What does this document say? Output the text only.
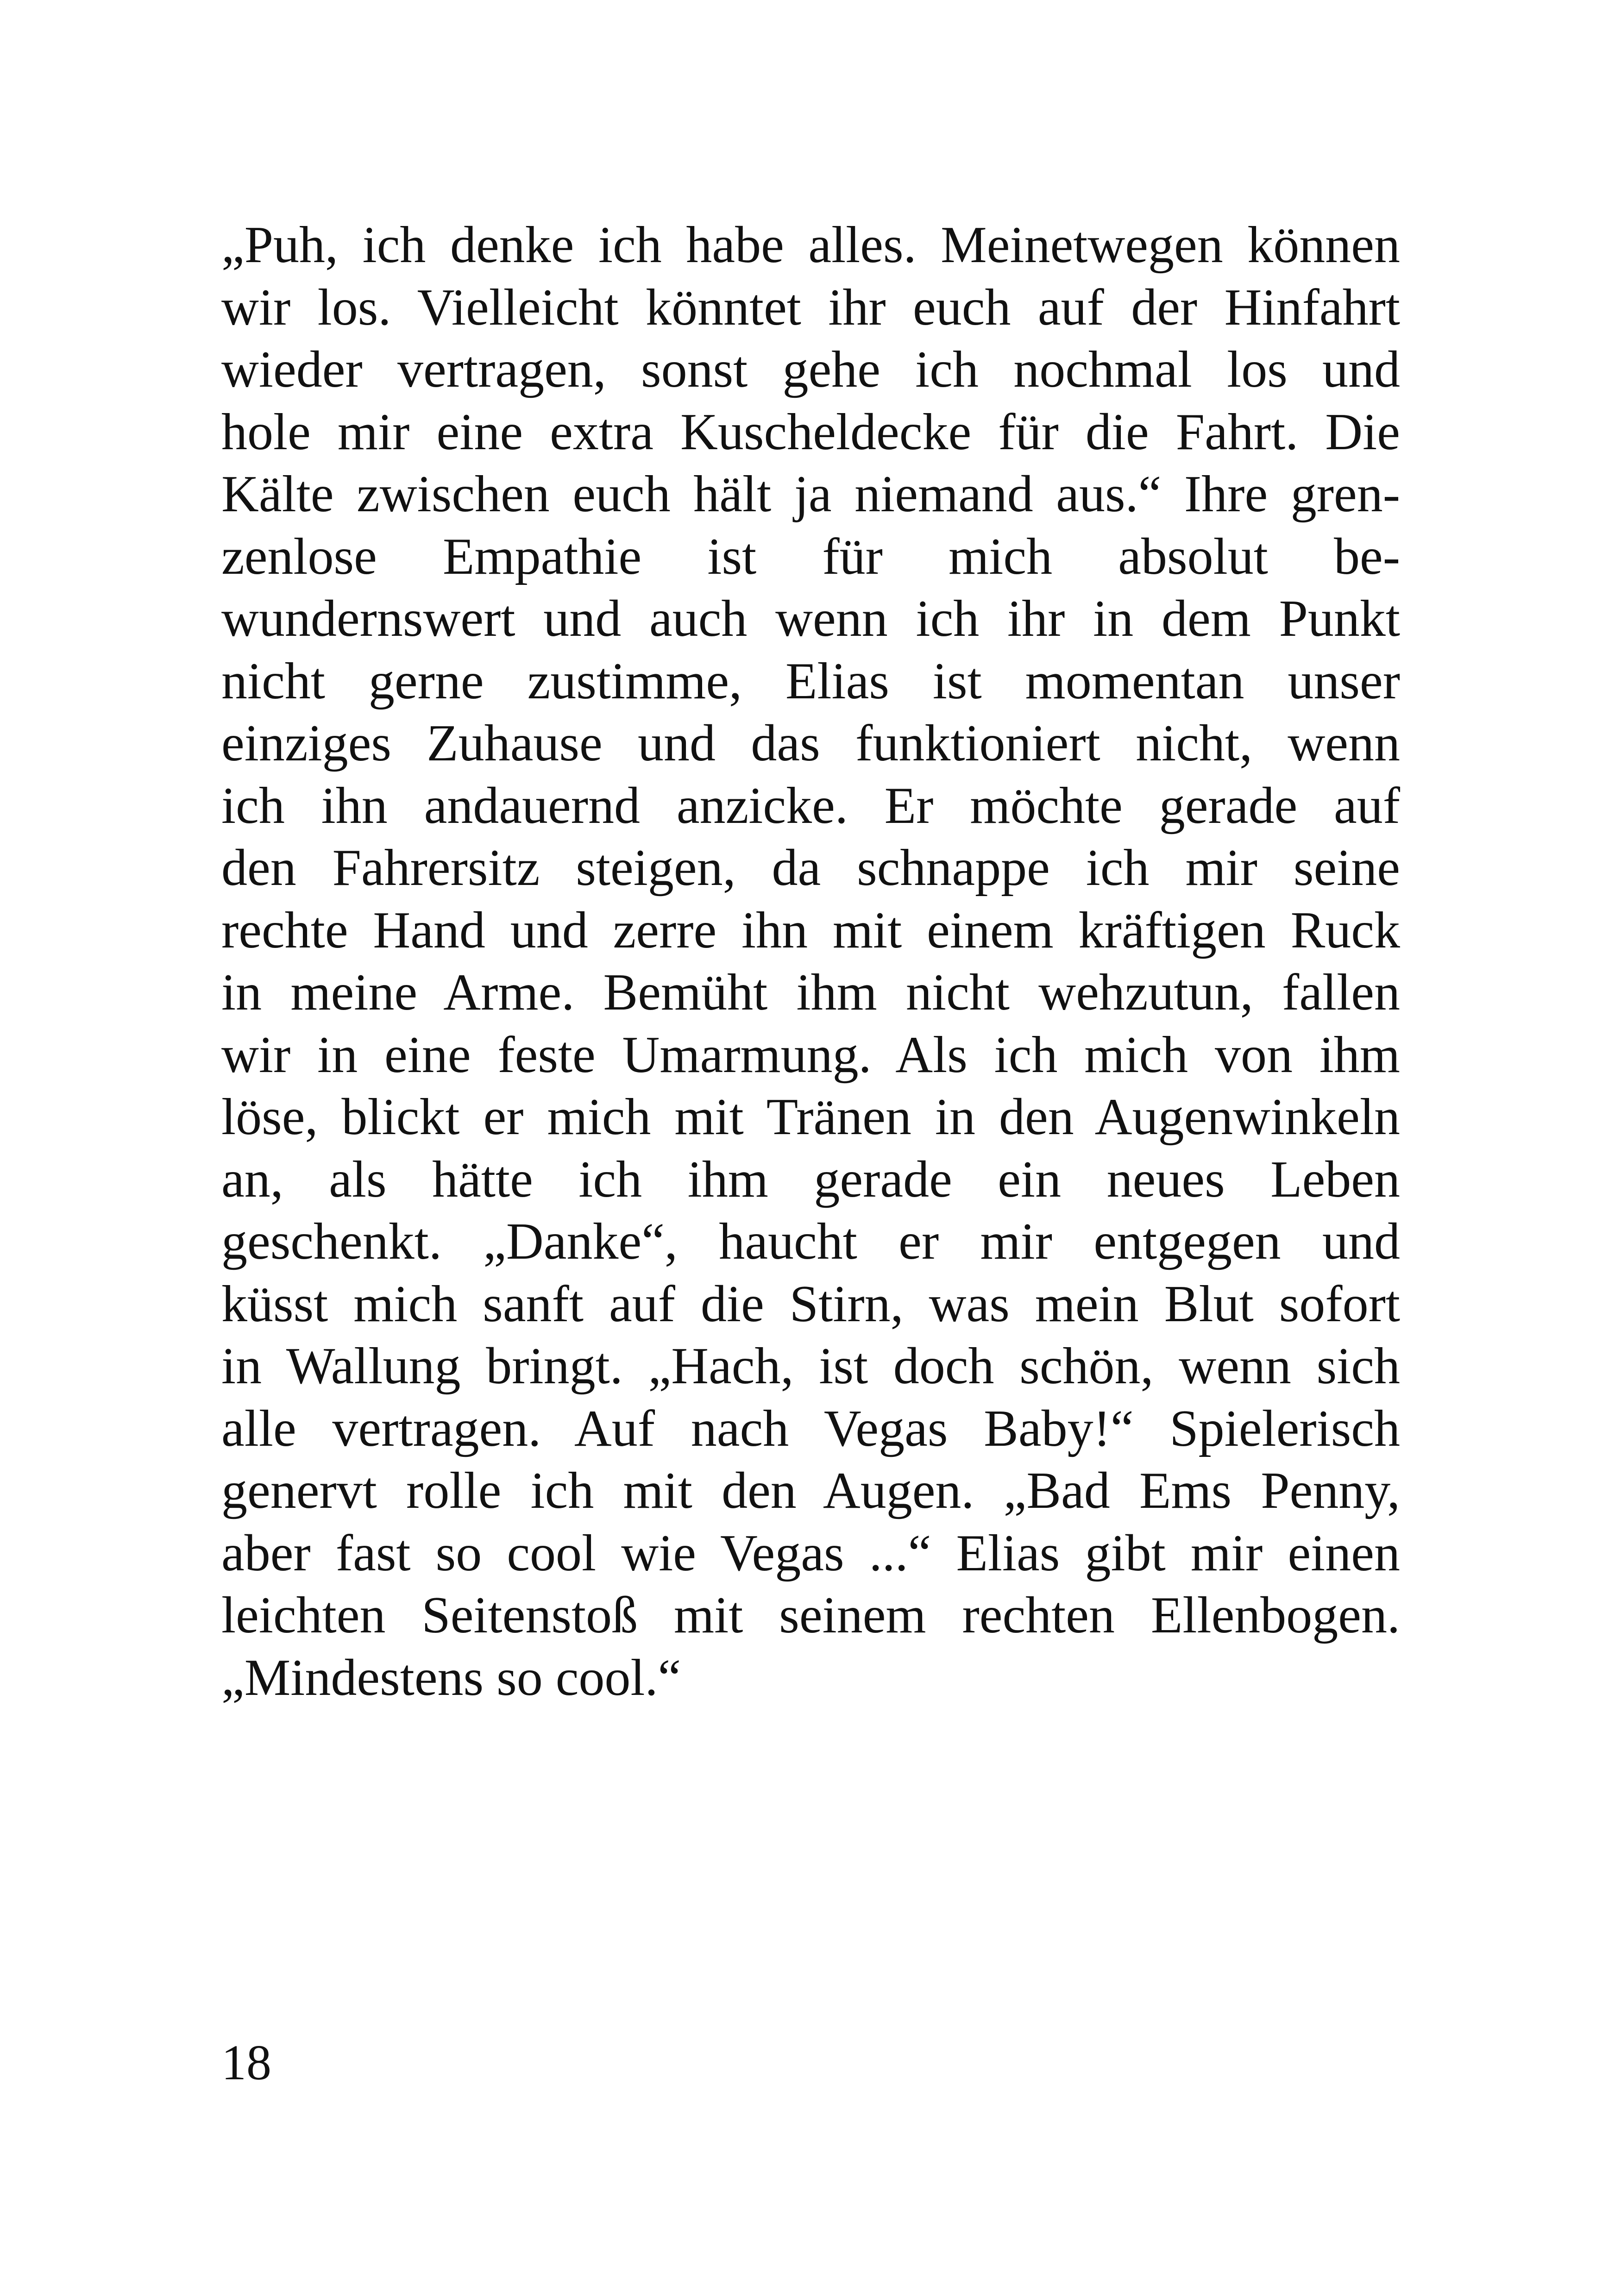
„Puh, ich denke ich habe alles. Meinetwegen können
wir los. Vielleicht könntet ihr euch auf der Hinfahrt
wieder vertragen, sonst gehe ich nochmal los und
hole mir eine extra Kuscheldecke für die Fahrt. Die
Kälte zwischen euch hält ja niemand aus.“ Ihre gren-
zenlose Empathie ist für mich absolut be-
wundernswert und auch wenn ich ihr in dem Punkt
nicht gerne zustimme, Elias ist momentan unser
einziges Zuhause und das funktioniert nicht, wenn
ich ihn andauernd anzicke. Er möchte gerade auf
den Fahrersitz steigen, da schnappe ich mir seine
rechte Hand und zerre ihn mit einem kräftigen Ruck
in meine Arme. Bemüht ihm nicht wehzutun, fallen
wir in eine feste Umarmung. Als ich mich von ihm
löse, blickt er mich mit Tränen in den Augenwinkeln
an, als hätte ich ihm gerade ein neues Leben
geschenkt. „Danke“, haucht er mir entgegen und
küsst mich sanft auf die Stirn, was mein Blut sofort
in Wallung bringt. „Hach, ist doch schön, wenn sich
alle vertragen. Auf nach Vegas Baby!“ Spielerisch
genervt rolle ich mit den Augen. „Bad Ems Penny,
aber fast so cool wie Vegas ...“ Elias gibt mir einen
leichten Seitenstoß mit seinem rechten Ellenbogen.
„Mindestens so cool.“

18
